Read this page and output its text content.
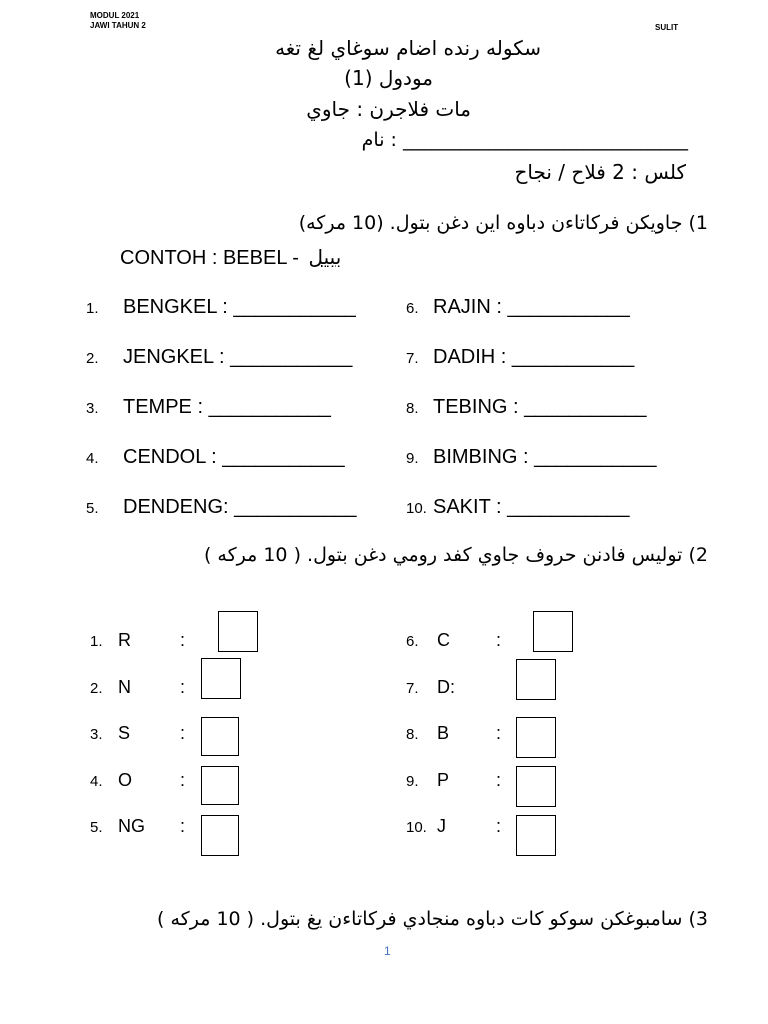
MODUL 2021
JAWI TAHUN 2	SULIT
سکوله رنده اضام سوغاي لغ تغه
مودول (1)
مات فلاجرن : جاوي
______________________________ : نام
کلس : 2 فلاح / نجاح
1) جاويکن فرکاتاءن دباوه اين دغن بتول. (10 مرکه)
CONTOH : BEBEL - ببيل
1. BENGKEL : ___________
2. JENGKEL : ___________
3. TEMPE : ___________
4. CENDOL : ___________
5. DENDENG: ___________
6. RAJIN : ___________
7. DADIH : ___________
8. TEBING : ___________
9. BIMBING : ___________
10. SAKIT : ___________
2) توليس فادنن حروف جاوي کفد رومي دغن بتول. ( 10 مرکه )
1. R	:
2. N	:
3. S	:
4. O	:
5. NG :
6. C	:
7. D:
8. B	:
9. P	:
10. J	:
3) سامبوغکن سوکو کات دباوه منجادي فرکاتاءن يغ بتول. ( 10 مرکه )
1
